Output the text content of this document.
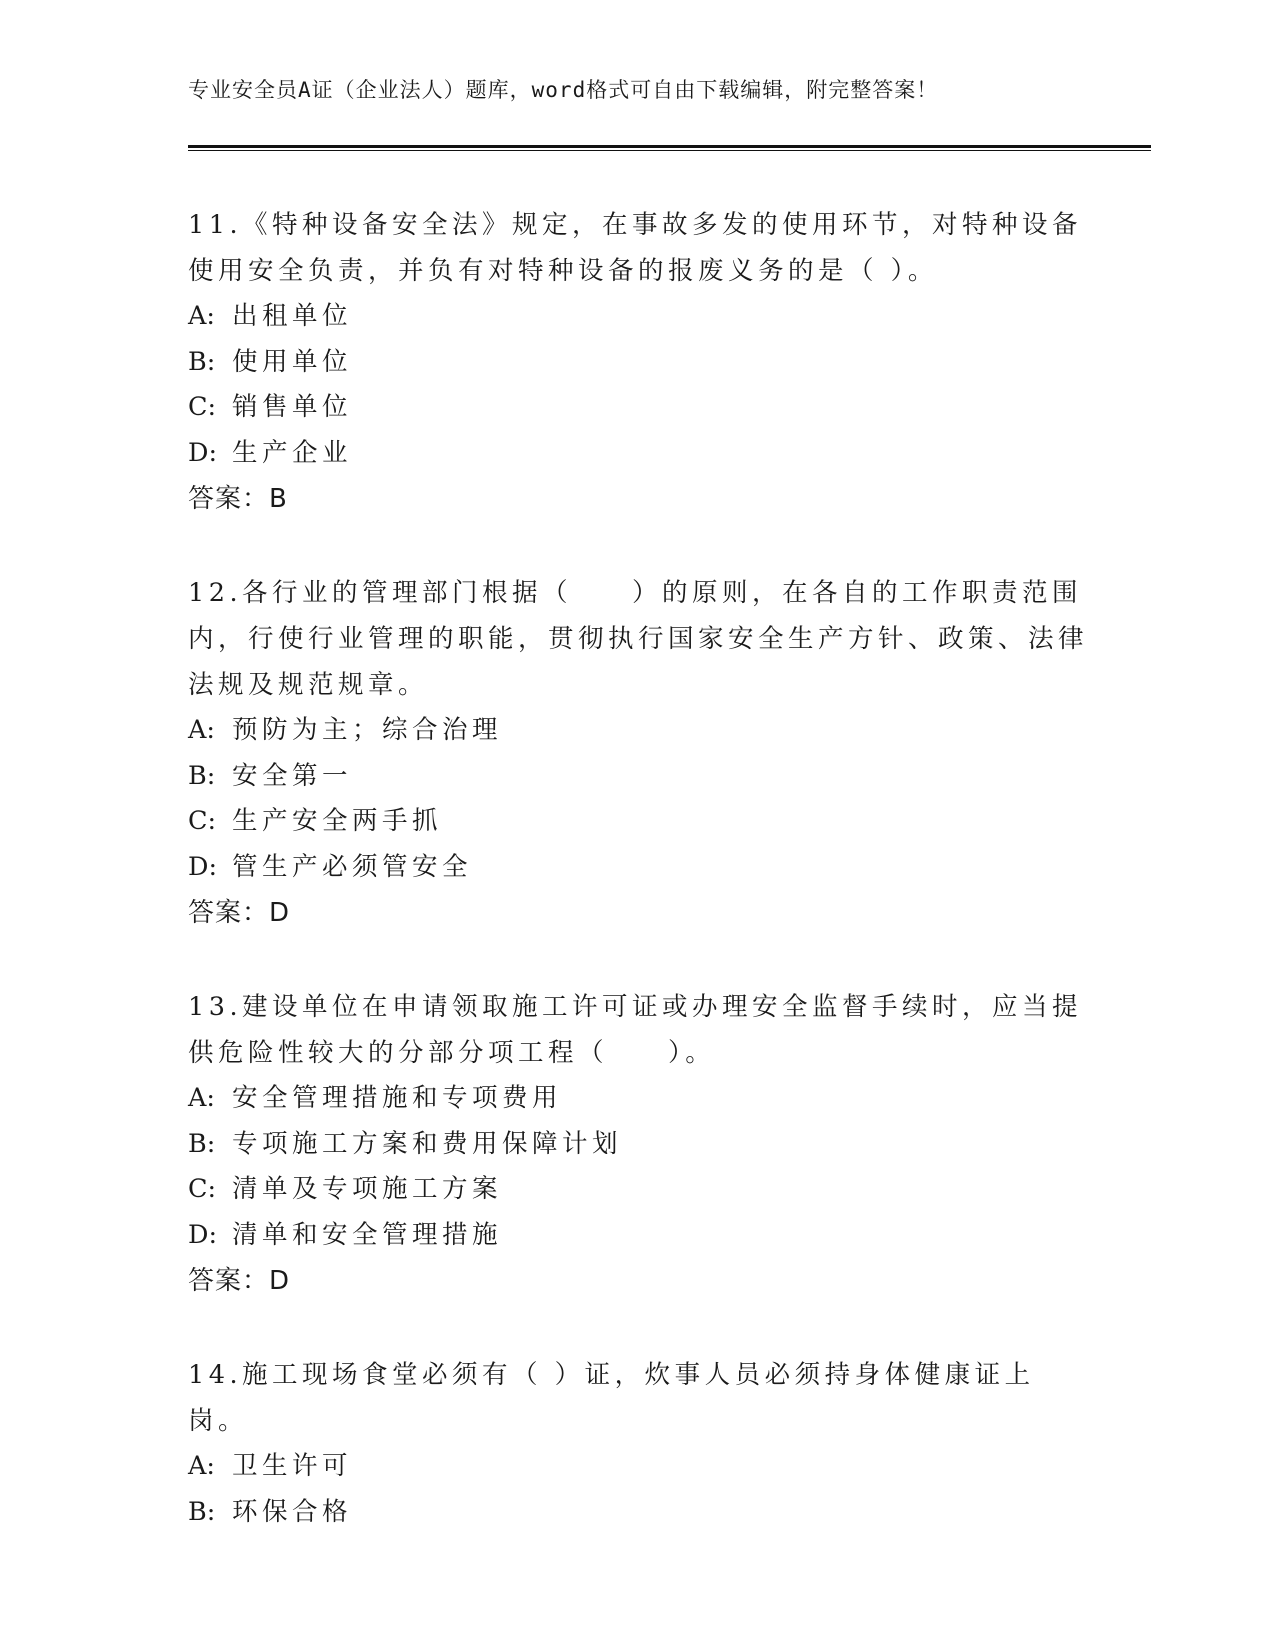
专业安全员A证（企业法人）题库，word格式可自由下载编辑，附完整答案！

11.《特种设备安全法》规定，在事故多发的使用环节，对特种设备使用安全负责，并负有对特种设备的报废义务的是（ ）。

A: 出租单位
B: 使用单位
C: 销售单位
D: 生产企业
答案：B

12.各行业的管理部门根据（　　）的原则，在各自的工作职责范围内，行使行业管理的职能，贯彻执行国家安全生产方针、政策、法律法规及规范规章。

A: 预防为主；综合治理
B: 安全第一
C: 生产安全两手抓
D: 管生产必须管安全
答案：D

13.建设单位在申请领取施工许可证或办理安全监督手续时，应当提供危险性较大的分部分项工程（　　）。

A: 安全管理措施和专项费用
B: 专项施工方案和费用保障计划
C: 清单及专项施工方案
D: 清单和安全管理措施
答案：D

14.施工现场食堂必须有（ ）证，炊事人员必须持身体健康证上岗。

A: 卫生许可
B: 环保合格
